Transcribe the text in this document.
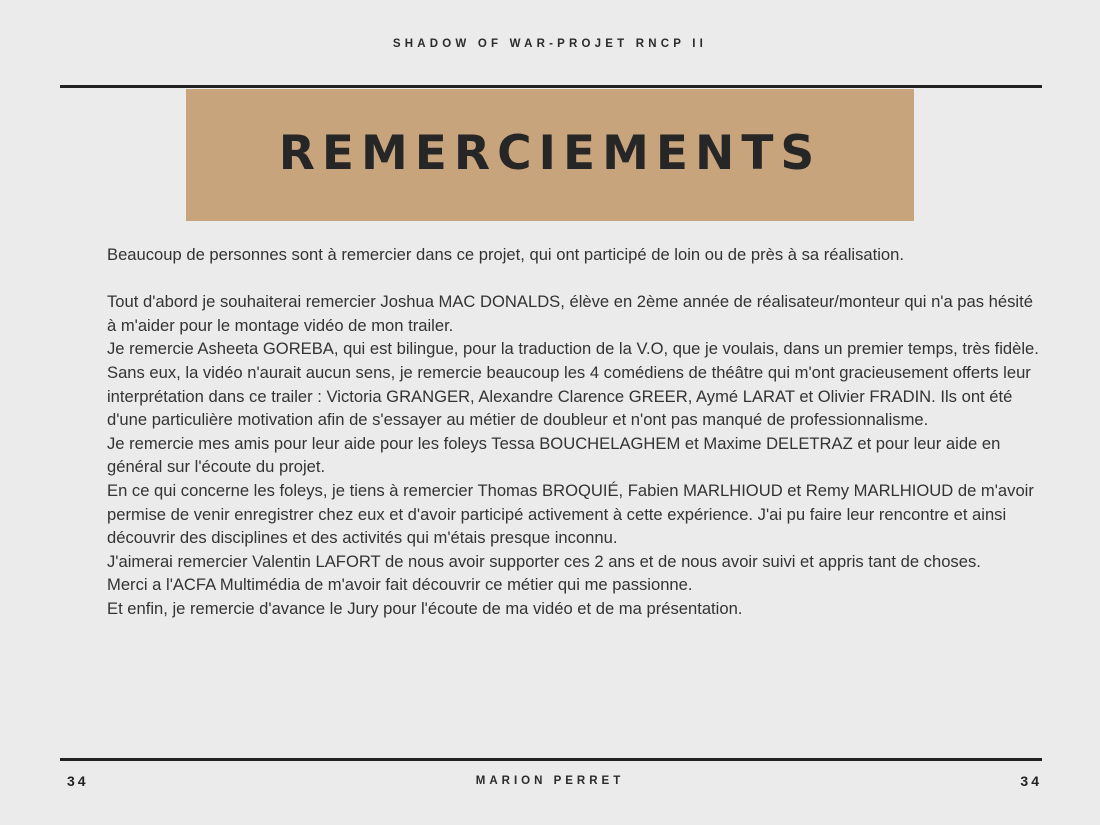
SHADOW OF WAR-PROJET RNCP II
REMERCIEMENTS

Beaucoup de personnes sont à remercier dans ce projet, qui ont participé de loin ou de près à sa réalisation.

Tout d'abord je souhaiterai remercier Joshua MAC DONALDS, élève en 2ème année de réalisateur/monteur qui n'a pas hésité à m'aider pour le montage vidéo de mon trailer.

Je remercie Asheeta GOREBA, qui est bilingue, pour la traduction de la V.O, que je voulais, dans un premier temps, très fidèle.

Sans eux, la vidéo n'aurait aucun sens, je remercie beaucoup les 4 comédiens de théâtre qui m'ont gracieusement offerts leur interprétation dans ce trailer : Victoria GRANGER, Alexandre Clarence GREER, Aymé LARAT et Olivier FRADIN. Ils ont été d'une particulière motivation afin de s'essayer au métier de doubleur et n'ont pas manqué de professionnalisme.

Je remercie mes amis pour leur aide pour les foleys Tessa BOUCHELAGHEM et Maxime DELETRAZ et pour leur aide en général sur l'écoute du projet.

En ce qui concerne les foleys, je tiens à remercier Thomas BROQUIÉ, Fabien MARLHIOUD et Remy MARLHIOUD de m'avoir permise de venir enregistrer chez eux et d'avoir participé activement à cette expérience. J'ai pu faire leur rencontre et ainsi découvrir des disciplines et des activités qui m'étais presque inconnu.

J'aimerai remercier Valentin LAFORT de nous avoir supporter ces 2 ans et de nous avoir suivi et appris tant de choses.

Merci a l'ACFA Multimédia de m'avoir fait découvrir ce métier qui me passionne.

Et enfin, je remercie d'avance le Jury pour l'écoute de ma vidéo et de ma présentation.

34	MARION PERRET	34
